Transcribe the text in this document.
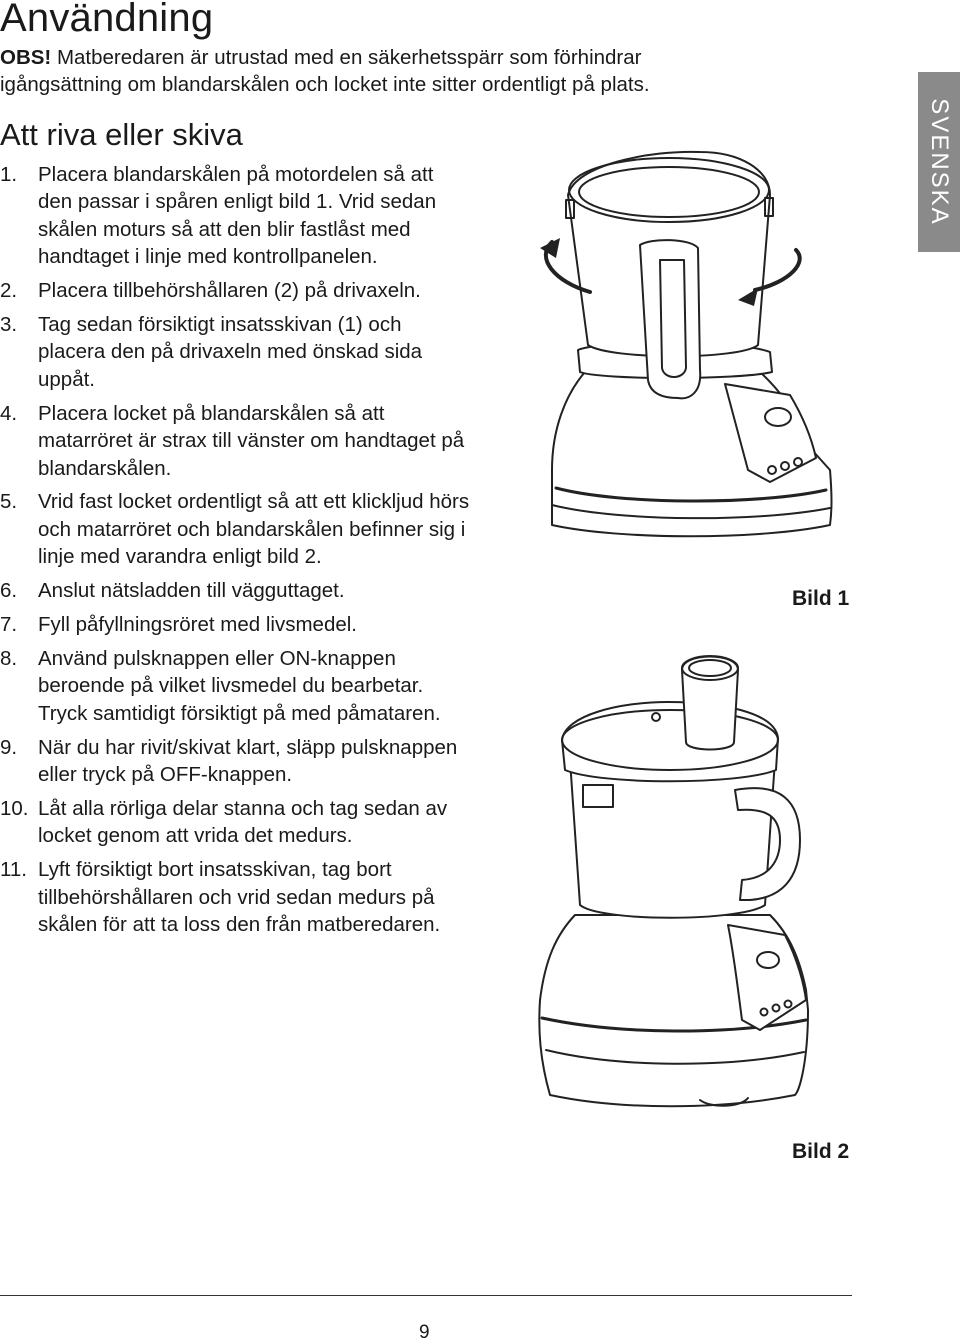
Användning

OBS! Matberedaren är utrustad med en säkerhetsspärr som förhindrar igångsättning om blandarskålen och locket inte sitter ordentligt på plats.

Att riva eller skiva
1. Placera blandarskålen på motordelen så att den passar i spåren enligt bild 1. Vrid sedan skålen moturs så att den blir fastlåst med handtaget i linje med kontrollpanelen.
2. Placera tillbehörshållaren (2) på drivaxeln.
3. Tag sedan försiktigt insatsskivan (1) och placera den på drivaxeln med önskad sida uppåt.
4. Placera locket på blandarskålen så att matarröret är strax till vänster om handtaget på blandarskålen.
5. Vrid fast locket ordentligt så att ett klickljud hörs och matarröret och blandarskålen befinner sig i linje med varandra enligt bild 2.
6. Anslut nätsladden till vägguttaget.
7. Fyll påfyllningsröret med livsmedel.
8. Använd pulsknappen eller ON-knappen beroende på vilket livsmedel du bearbetar. Tryck samtidigt försiktigt på med påmataren.
9. När du har rivit/skivat klart, släpp pulsknappen eller tryck på OFF-knappen.
10. Låt alla rörliga delar stanna och tag sedan av locket genom att vrida det medurs.
11. Lyft försiktigt bort insatsskivan, tag bort tillbehörshållaren och vrid sedan medurs på skålen för att ta loss den från matberedaren.
SVENSKA
Bild 1
Bild 2
9
